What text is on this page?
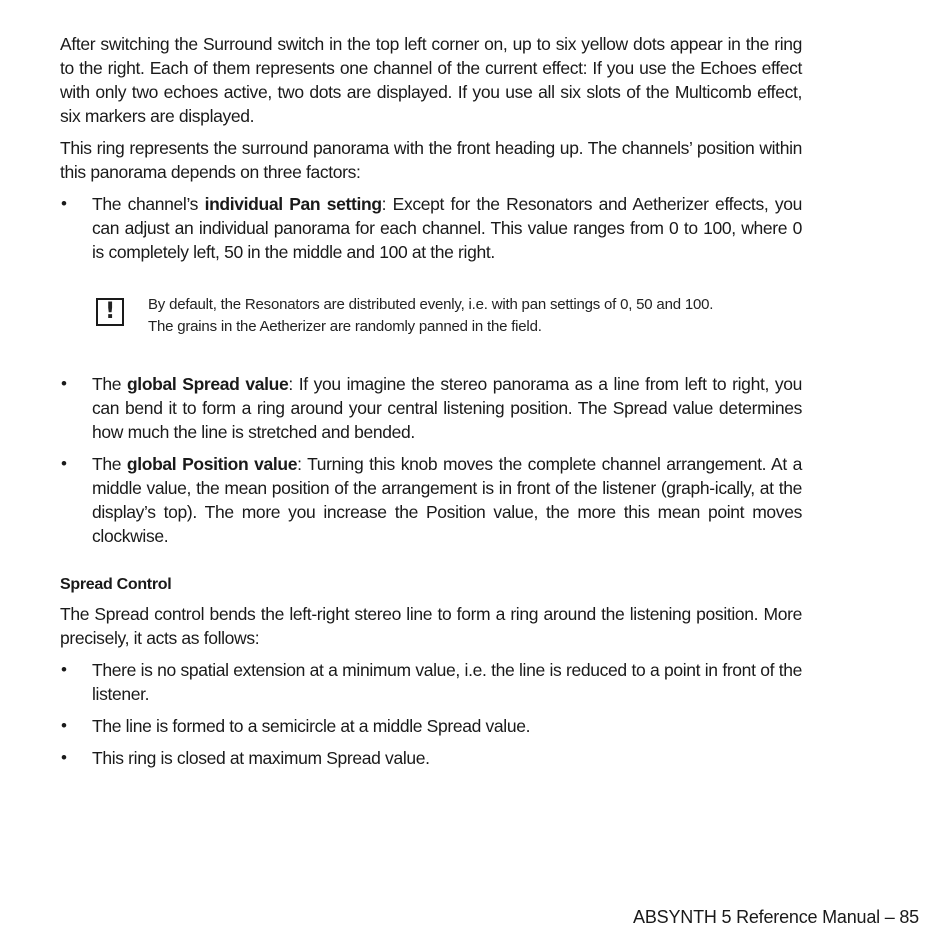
After switching the Surround switch in the top left corner on, up to six yellow dots appear in the ring to the right. Each of them represents one channel of the current effect: If you use the Echoes effect with only two echoes active, two dots are displayed. If you use all six slots of the Multicomb effect, six markers are displayed.

This ring represents the surround panorama with the front heading up. The channels’ position within this panorama depends on three factors:

• The channel’s individual Pan setting: Except for the Resonators and Aetherizer effects, you can adjust an individual panorama for each channel. This value ranges from 0 to 100, where 0 is completely left, 50 in the middle and 100 at the right.
!	By default, the Resonators are distributed evenly, i.e. with pan settings of 0, 50 and 100.
The grains in the Aetherizer are randomly panned in the field.
• The global Spread value: If you imagine the stereo panorama as a line from left to right, you can bend it to form a ring around your central listening position. The Spread value determines how much the line is stretched and bended.
• The global Position value: Turning this knob moves the complete channel arrangement. At a middle value, the mean position of the arrangement is in front of the listener (graph-ically, at the display’s top). The more you increase the Position value, the more this mean point moves clockwise.
Spread Control

The Spread control bends the left-right stereo line to form a ring around the listening position. More precisely, it acts as follows:

• There is no spatial extension at a minimum value, i.e. the line is reduced to a point in front of the listener.
• The line is formed to a semicircle at a middle Spread value.
• This ring is closed at maximum Spread value.
ABSYNTH 5 Reference Manual – 85
